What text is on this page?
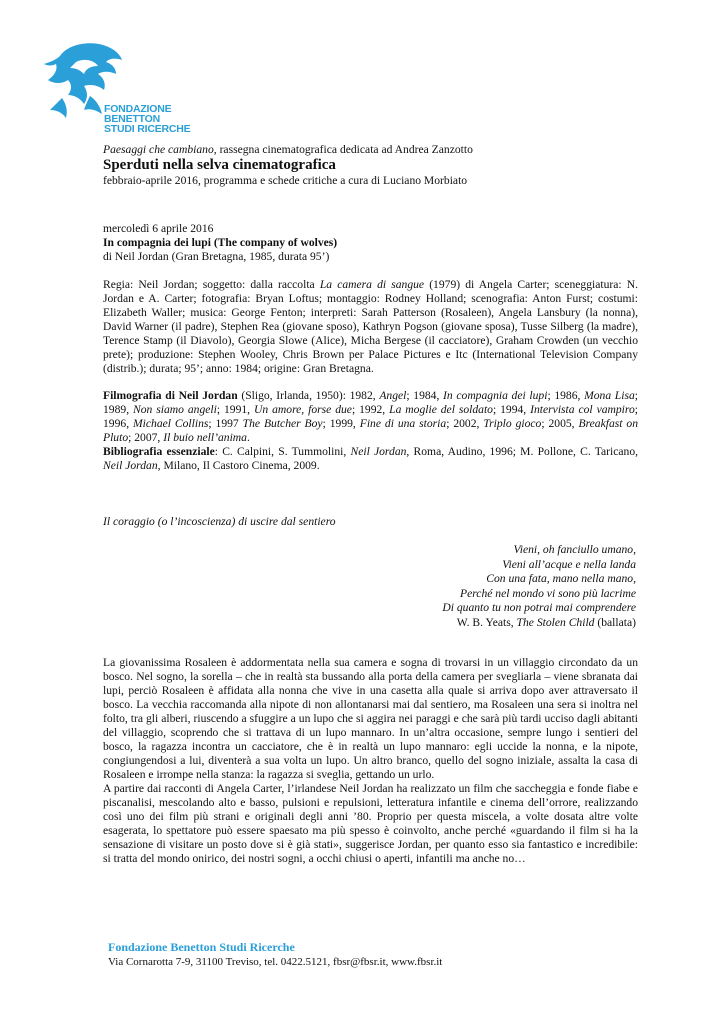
FONDAZIONE
BENETTON
STUDI RICERCHE
Paesaggi che cambiano, rassegna cinematografica dedicata ad Andrea Zanzotto
Sperduti nella selva cinematografica
febbraio-aprile 2016, programma e schede critiche a cura di Luciano Morbiato
mercoledì 6 aprile 2016
In compagnia dei lupi (The company of wolves)
di Neil Jordan (Gran Bretagna, 1985, durata 95’)
Regia: Neil Jordan; soggetto: dalla raccolta La camera di sangue (1979) di Angela Carter; sceneggiatura: N. Jordan e A. Carter; fotografia: Bryan Loftus; montaggio: Rodney Holland; scenografia: Anton Furst; costumi: Elizabeth Waller; musica: George Fenton; interpreti: Sarah Patterson (Rosaleen), Angela Lansbury (la nonna), David Warner (il padre), Stephen Rea (giovane sposo), Kathryn Pogson (giovane sposa), Tusse Silberg (la madre), Terence Stamp (il Diavolo), Georgia Slowe (Alice), Micha Bergese (il cacciatore), Graham Crowden (un vecchio prete); produzione: Stephen Wooley, Chris Brown per Palace Pictures e Itc (International Television Company (distrib.); durata; 95’; anno: 1984; origine: Gran Bretagna.
Filmografia di Neil Jordan (Sligo, Irlanda, 1950): 1982, Angel; 1984, In compagnia dei lupi; 1986, Mona Lisa; 1989, Non siamo angeli; 1991, Un amore, forse due; 1992, La moglie del soldato; 1994, Intervista col vampiro; 1996, Michael Collins; 1997 The Butcher Boy; 1999, Fine di una storia; 2002, Triplo gioco; 2005, Breakfast on Pluto; 2007, Il buio nell’anima.
Bibliografia essenziale: C. Calpini, S. Tummolini, Neil Jordan, Roma, Audino, 1996; M. Pollone, C. Taricano, Neil Jordan, Milano, Il Castoro Cinema, 2009.
Il coraggio (o l’incoscienza) di uscire dal sentiero
Vieni, oh fanciullo umano,
Vieni all’acque e nella landa
Con una fata, mano nella mano,
Perché nel mondo vi sono più lacrime
Di quanto tu non potrai mai comprendere
W. B. Yeats, The Stolen Child (ballata)
La giovanissima Rosaleen è addormentata nella sua camera e sogna di trovarsi in un villaggio circondato da un bosco. Nel sogno, la sorella – che in realtà sta bussando alla porta della camera per svegliarla – viene sbranata dai lupi, perciò Rosaleen è affidata alla nonna che vive in una casetta alla quale si arriva dopo aver attraversato il bosco. La vecchia raccomanda alla nipote di non allontanarsi mai dal sentiero, ma Rosaleen una sera si inoltra nel folto, tra gli alberi, riuscendo a sfuggire a un lupo che si aggira nei paraggi e che sarà più tardi ucciso dagli abitanti del villaggio, scoprendo che si trattava di un lupo mannaro. In un’altra occasione, sempre lungo i sentieri del bosco, la ragazza incontra un cacciatore, che è in realtà un lupo mannaro: egli uccide la nonna, e la nipote, congiungendosi a lui, diventerà a sua volta un lupo. Un altro branco, quello del sogno iniziale, assalta la casa di Rosaleen e irrompe nella stanza: la ragazza si sveglia, gettando un urlo.
A partire dai racconti di Angela Carter, l’irlandese Neil Jordan ha realizzato un film che saccheggia e fonde fiabe e piscanalisi, mescolando alto e basso, pulsioni e repulsioni, letteratura infantile e cinema dell’orrore, realizzando così uno dei film più strani e originali degli anni ’80. Proprio per questa miscela, a volte dosata altre volte esagerata, lo spettatore può essere spaesato ma più spesso è coinvolto, anche perché «guardando il film si ha la sensazione di visitare un posto dove si è già stati», suggerisce Jordan, per quanto esso sia fantastico e incredibile: si tratta del mondo onirico, dei nostri sogni, a occhi chiusi o aperti, infantili ma anche no…
Fondazione Benetton Studi Ricerche
Via Cornarotta 7-9, 31100 Treviso, tel. 0422.5121, fbsr@fbsr.it, www.fbsr.it
